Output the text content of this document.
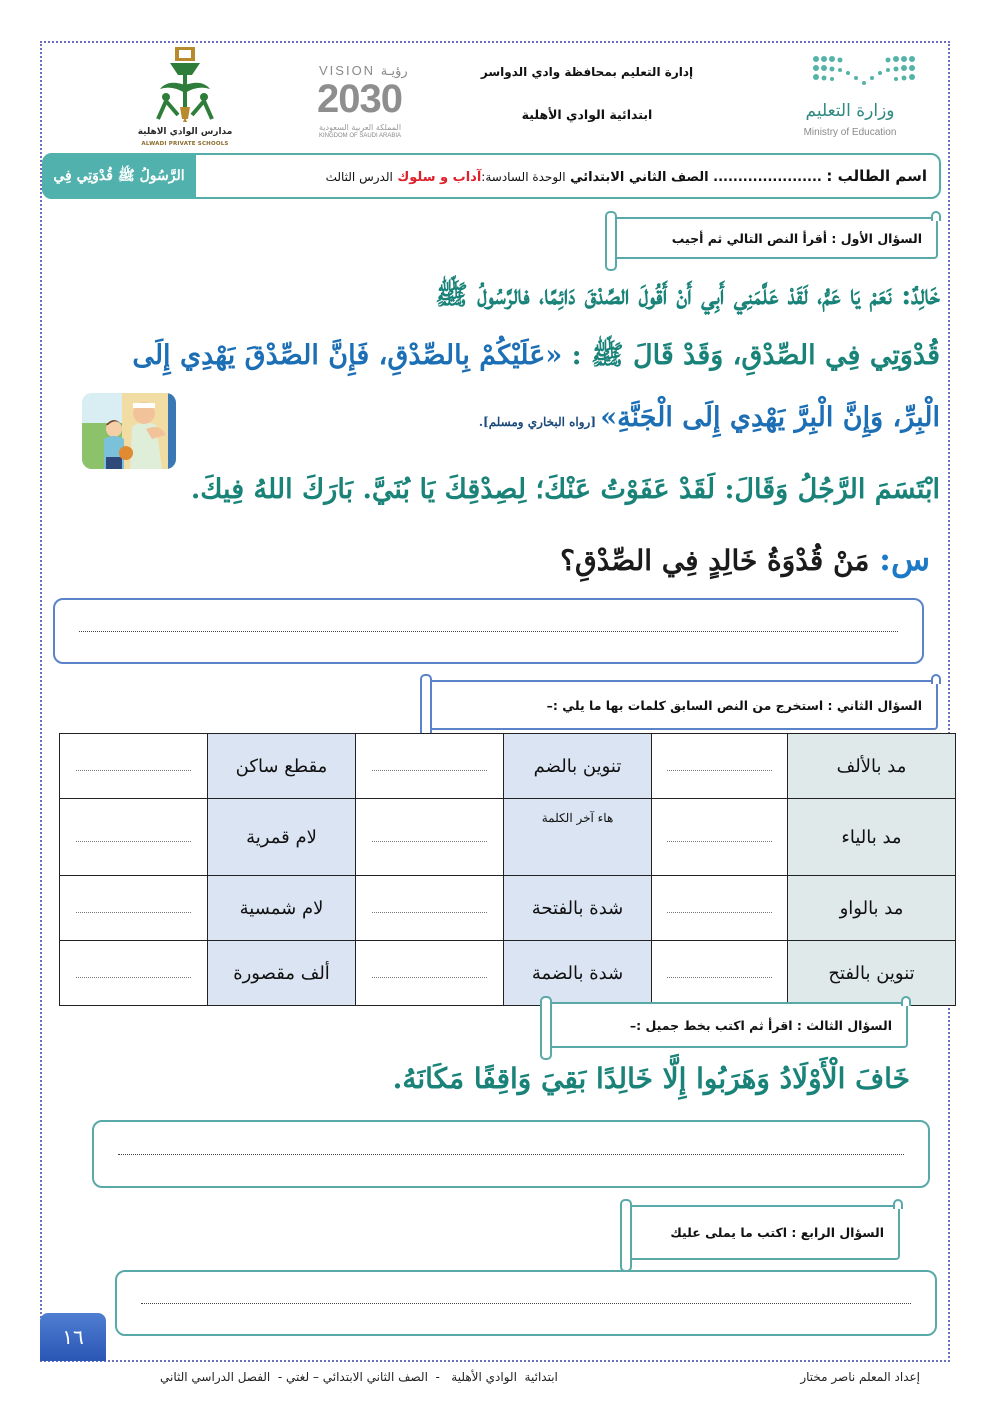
مدارس الوادي الاهلية
ALWADI PRIVATE SCHOOLS
VISION رؤيـة
2030
المملكة العربية السعودية
KINGDOM OF SAUDI ARABIA
إدارة التعليم بمحافظة وادي الدواسر
ابتدائية الوادي الأهلية	وزارة التعليم
Ministry of Education
الرَّسُولُ ﷺ قُدْوَتِي فِي الصِّدْقِ
اسم الطالب : ...................... الصف الثاني الابتدائي الوحدة السادسة:آداب و سلوك الدرس الثالث
السؤال الأول : أقرأ النص التالي ثم أجيب
خَالِدٌ: نَعَمْ يَا عَمُّ، لَقَدْ عَلَّمَنِي أَبِي أَنْ أَقُولَ الصِّدْقَ دَائِمًا، فالرَّسُولُ ﷺ
قُدْوَتِي فِي الصِّدْقِ، وَقَدْ قَالَ ﷺ : «عَلَيْكُمْ بِالصِّدْقِ، فَإِنَّ الصِّدْقَ يَهْدِي إِلَى
الْبِرِّ، وَإِنَّ الْبِرَّ يَهْدِي إِلَى الْجَنَّةِ» [رواه البخاري ومسلم].
ابْتَسَمَ الرَّجُلُ وَقَالَ: لَقَدْ عَفَوْتُ عَنْكَ؛ لِصِدْقِكَ يَا بُنَيَّ. بَارَكَ اللهُ فِيكَ.
س: مَنْ قُدْوَةُ خَالِدٍ فِي الصِّدْقِ؟
السؤال الثاني : استخرج من النص السابق كلمات بها ما يلي :–
مد بالألف		تنوين بالضم		مقطع ساكن	
مد بالياء		هاء آخر الكلمة		لام قمرية	
مد بالواو		شدة بالفتحة		لام شمسية	
تنوين بالفتح		شدة بالضمة		ألف مقصورة	
السؤال الثالث : اقرأ ثم اكتب بخط جميل :–
خَافَ الْأَوْلَادُ وَهَرَبُوا إِلَّا خَالِدًا بَقِيَ وَاقِفًا مَكَانَهُ.
السؤال الرابع : اكتب ما يملى عليك
١٦
إعداد المعلم ناصر مختار
ابتدائية  الوادي الأهلية   -  الصف الثاني الابتدائي – لغتي -  الفصل الدراسي الثاني
